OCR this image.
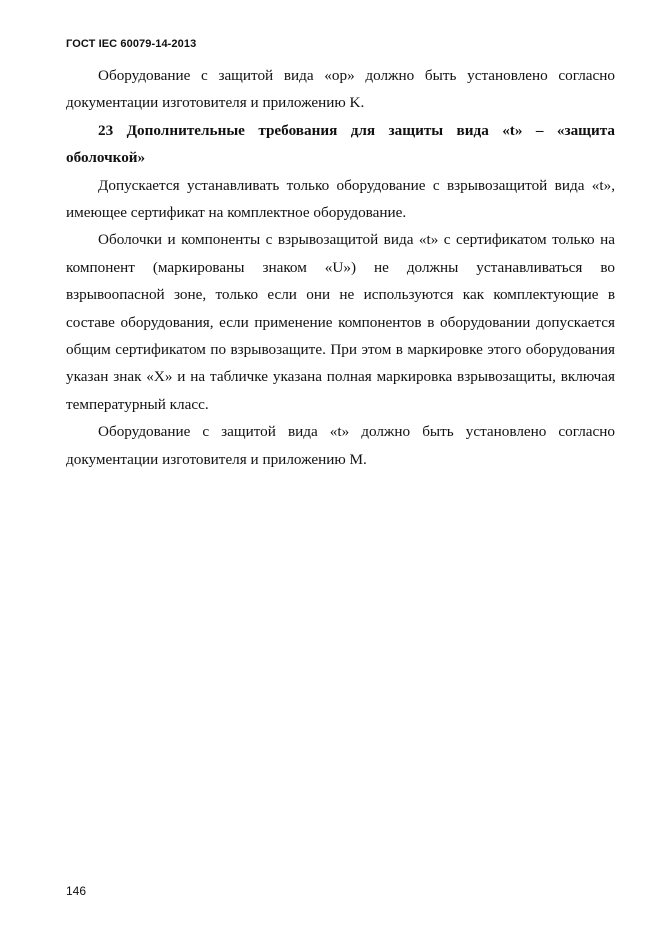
ГОСТ IEC 60079-14-2013

Оборудование с защитой вида «op» должно быть установлено согласно документации изготовителя и приложению K.

23 Дополнительные требования для защиты вида «t» – «защита оболочкой»

Допускается устанавливать только оборудование с взрывозащитой вида «t», имеющее сертификат на комплектное оборудование.

Оболочки и компоненты с взрывозащитой вида «t» с сертификатом только на компонент (маркированы знаком «U») не должны устанавливаться во взрывоопасной зоне, только если они не используются как комплектующие в составе оборудования, если применение компонентов в оборудовании допускается общим сертификатом по взрывозащите. При этом в маркировке этого оборудования указан знак «X» и на табличке указана полная маркировка взрывозащиты, включая температурный класс.

Оборудование с защитой вида «t» должно быть установлено согласно документации изготовителя и приложению M.

146
